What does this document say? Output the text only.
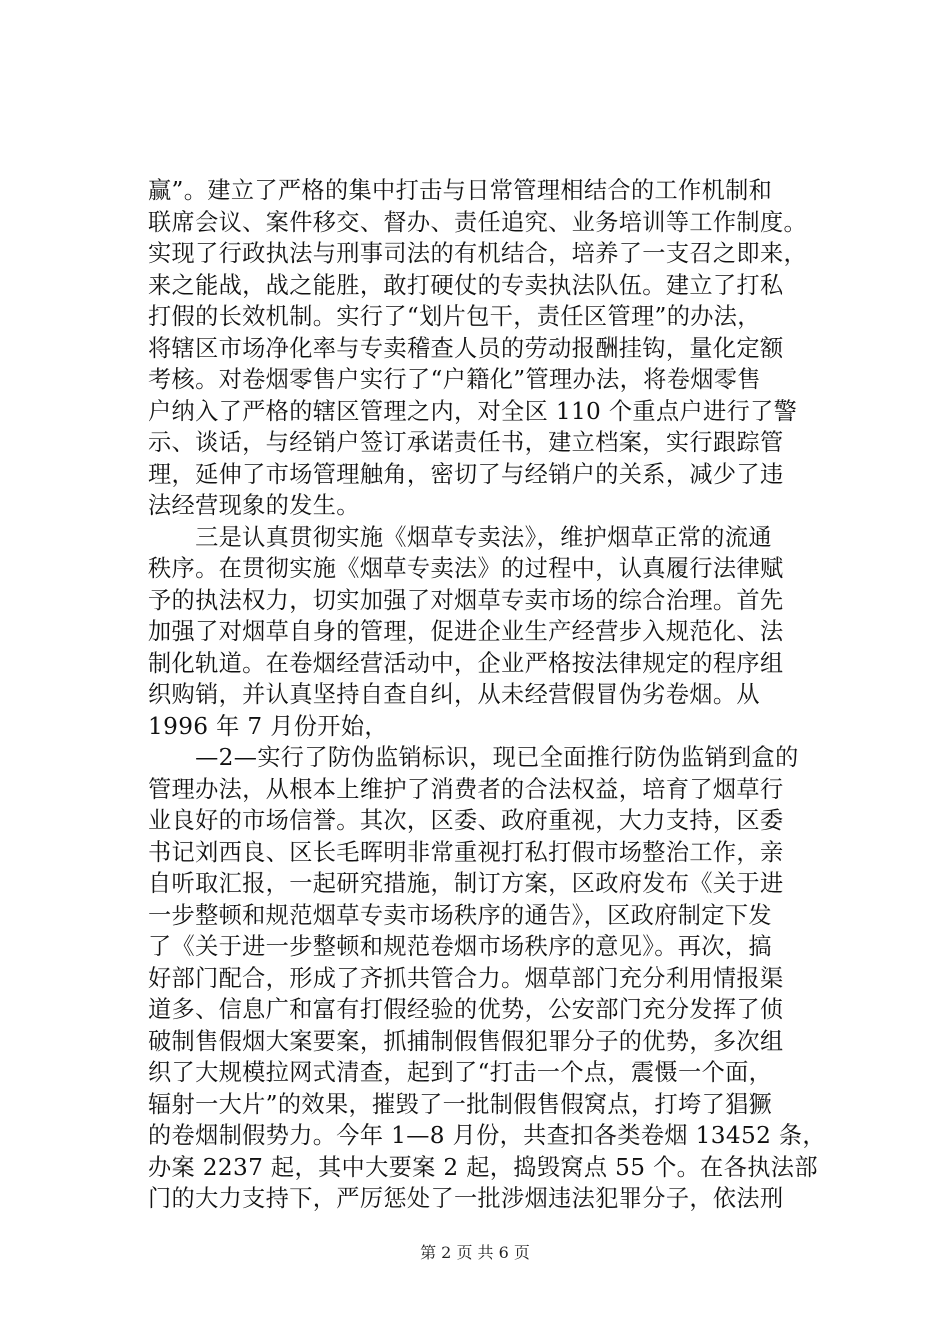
赢”。建立了严格的集中打击与日常管理相结合的工作机制和
联席会议、案件移交、督办、责任追究、业务培训等工作制度。
实现了行政执法与刑事司法的有机结合，培养了一支召之即来，
来之能战，战之能胜，敢打硬仗的专卖执法队伍。建立了打私
打假的长效机制。实行了“划片包干，责任区管理”的办法，
将辖区市场净化率与专卖稽查人员的劳动报酬挂钩，量化定额
考核。对卷烟零售户实行了“户籍化”管理办法，将卷烟零售
户纳入了严格的辖区管理之内，对全区 110 个重点户进行了警
示、谈话，与经销户签订承诺责任书，建立档案，实行跟踪管
理，延伸了市场管理触角，密切了与经销户的关系，减少了违
法经营现象的发生。
　　三是认真贯彻实施《烟草专卖法》，维护烟草正常的流通
秩序。在贯彻实施《烟草专卖法》的过程中，认真履行法律赋
予的执法权力，切实加强了对烟草专卖市场的综合治理。首先
加强了对烟草自身的管理，促进企业生产经营步入规范化、法
制化轨道。在卷烟经营活动中，企业严格按法律规定的程序组
织购销，并认真坚持自查自纠，从未经营假冒伪劣卷烟。从
1996 年 7 月份开始，
　　—2—实行了防伪监销标识，现已全面推行防伪监销到盒的
管理办法，从根本上维护了消费者的合法权益，培育了烟草行
业良好的市场信誉。其次，区委、政府重视，大力支持，区委
书记刘西良、区长毛晖明非常重视打私打假市场整治工作，亲
自听取汇报，一起研究措施，制订方案，区政府发布《关于进
一步整顿和规范烟草专卖市场秩序的通告》，区政府制定下发
了《关于进一步整顿和规范卷烟市场秩序的意见》。再次，搞
好部门配合，形成了齐抓共管合力。烟草部门充分利用情报渠
道多、信息广和富有打假经验的优势，公安部门充分发挥了侦
破制售假烟大案要案，抓捕制假售假犯罪分子的优势，多次组
织了大规模拉网式清查，起到了“打击一个点，震慑一个面，
辐射一大片”的效果，摧毁了一批制假售假窝点，打垮了猖獗
的卷烟制假势力。今年 1—8 月份，共查扣各类卷烟 13452 条，
办案 2237 起，其中大要案 2 起，捣毁窝点 55 个。在各执法部
门的大力支持下，严厉惩处了一批涉烟违法犯罪分子，依法刑
第 2 页 共 6 页
